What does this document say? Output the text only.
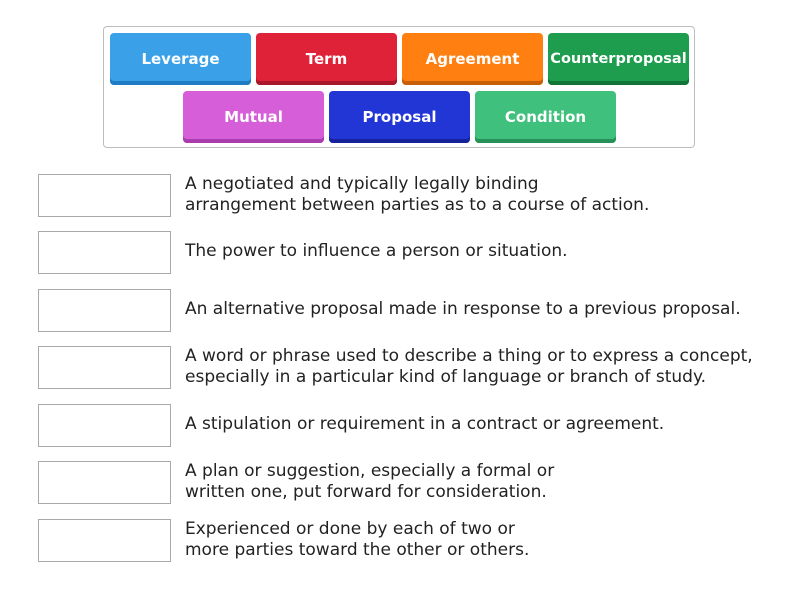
Leverage	Term	Agreement	Counterproposal
Mutual	Proposal	Condition
A negotiated and typically legally binding
arrangement between parties as to a course of action.
The power to influence a person or situation.
An alternative proposal made in response to a previous proposal.
A word or phrase used to describe a thing or to express a concept,
especially in a particular kind of language or branch of study.
A stipulation or requirement in a contract or agreement.
A plan or suggestion, especially a formal or
written one, put forward for consideration.
Experienced or done by each of two or
more parties toward the other or others.
